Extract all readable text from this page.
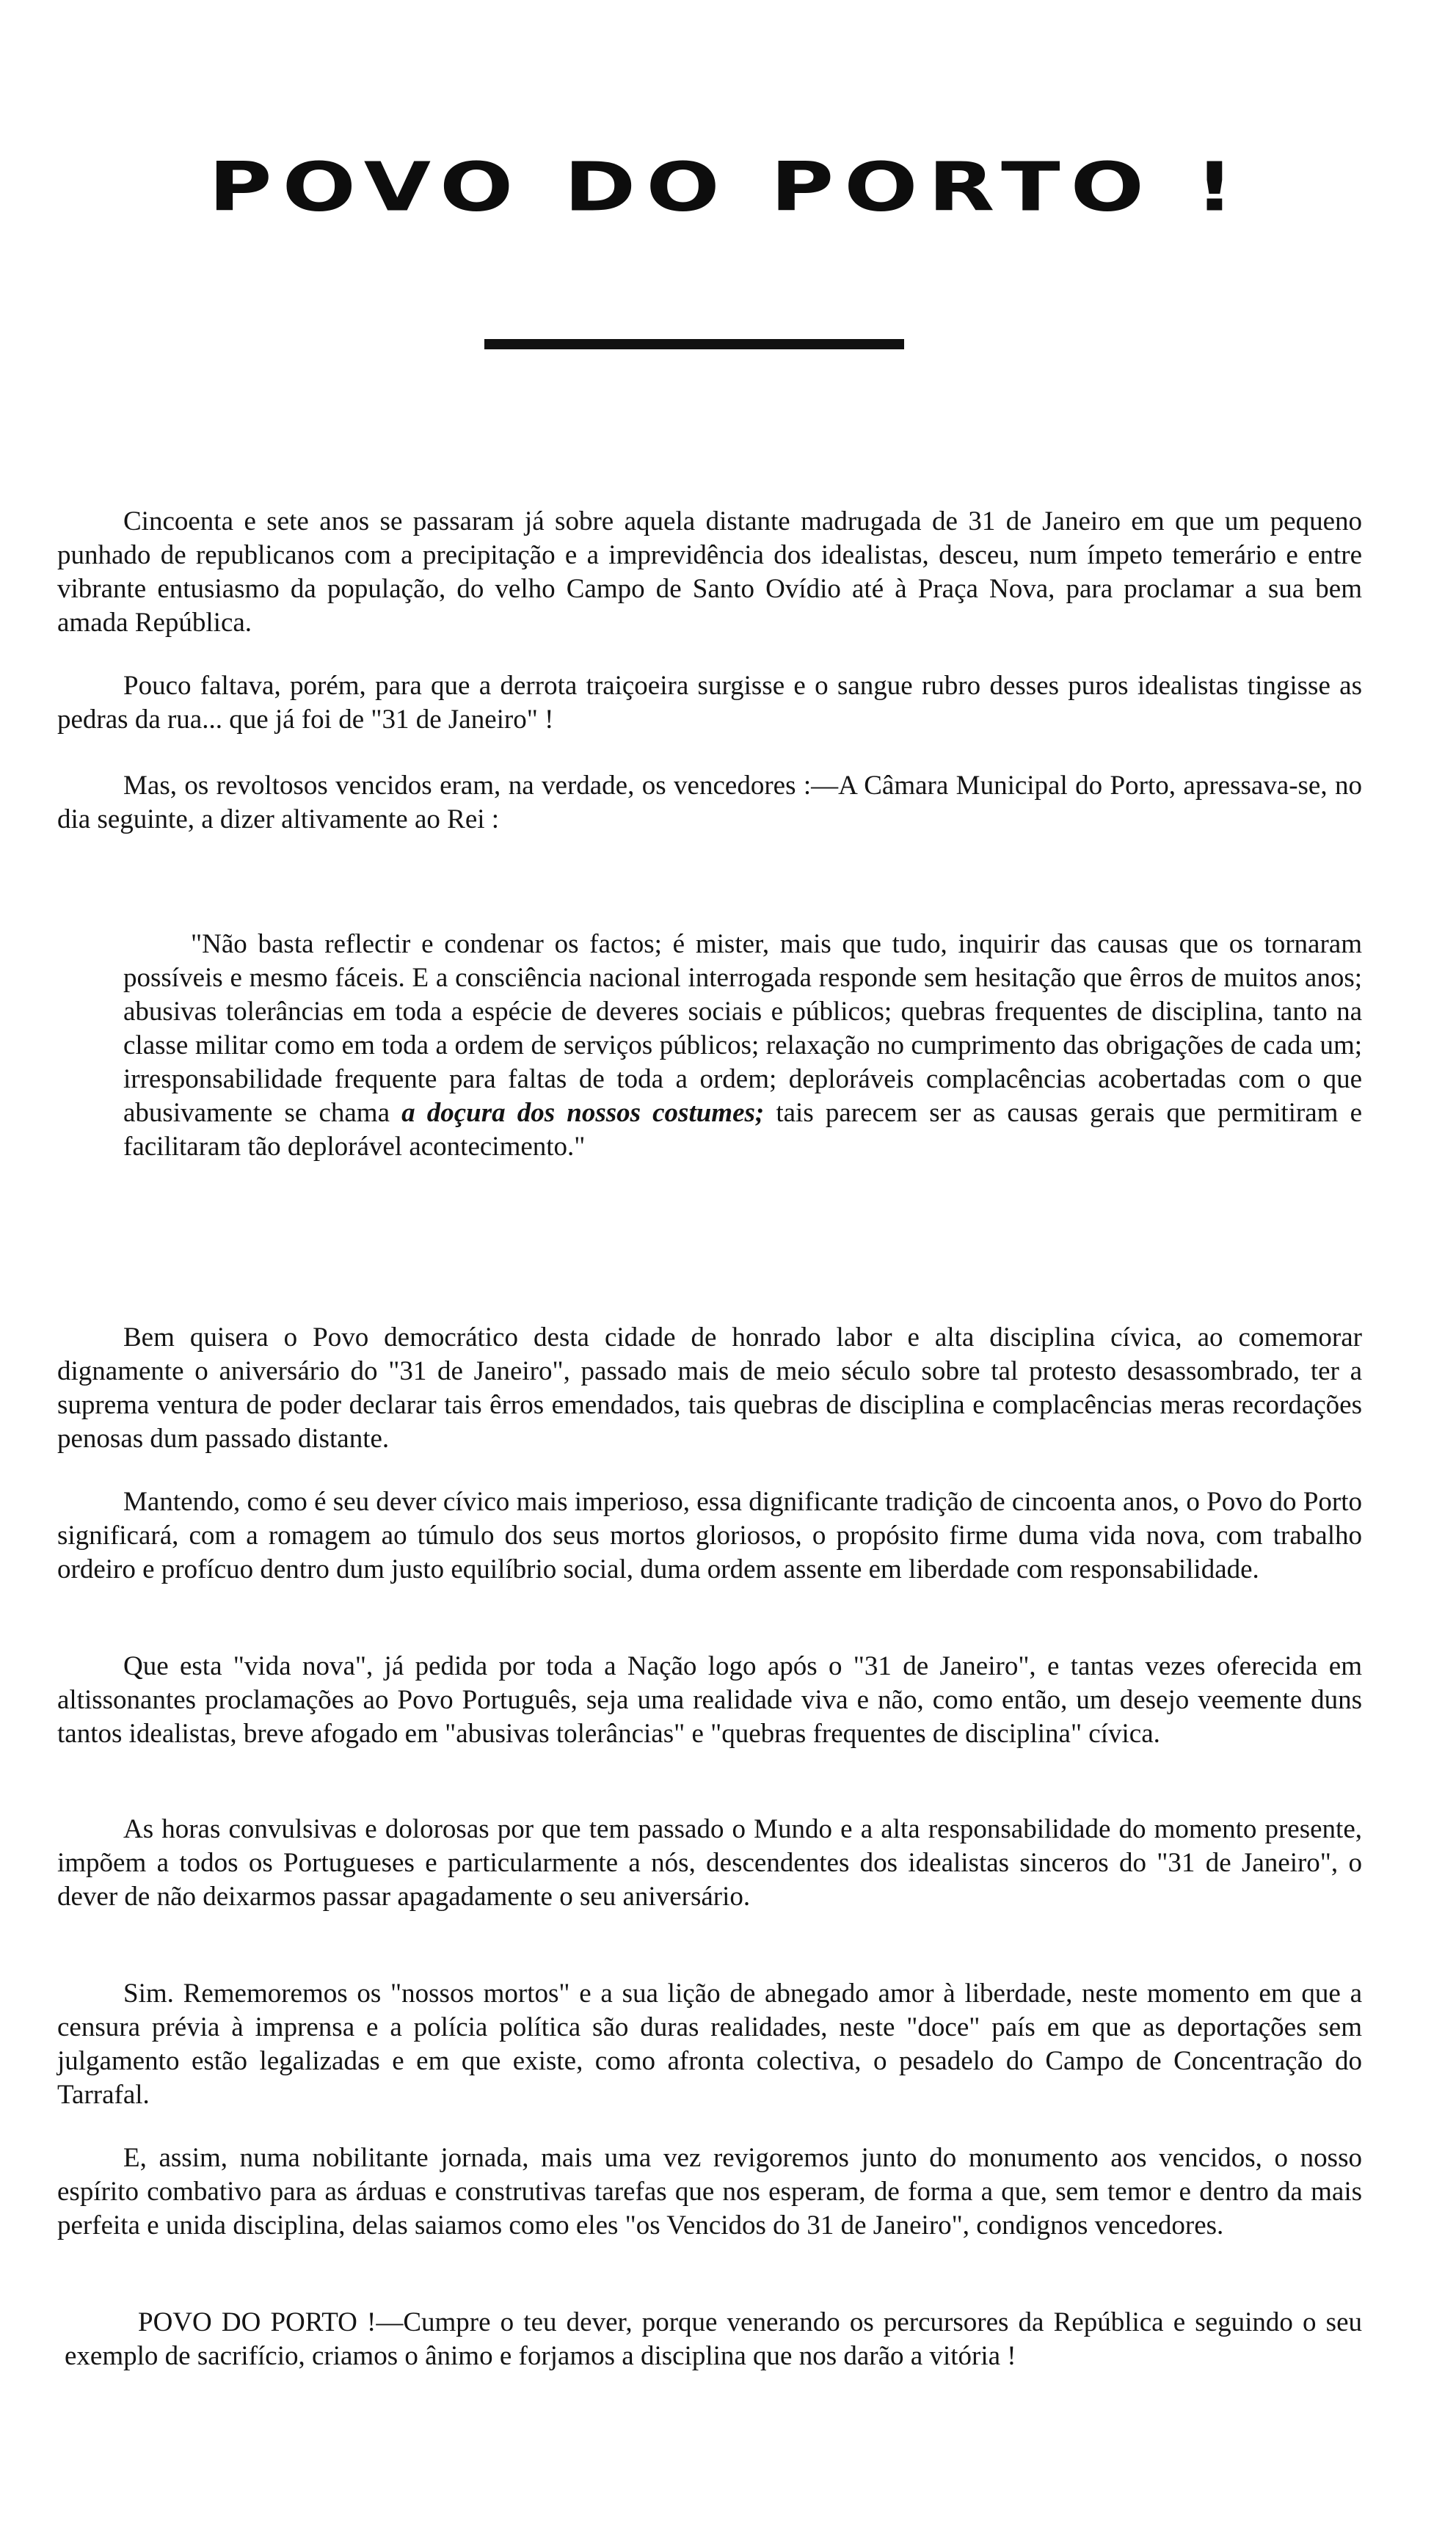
POVO DO PORTO !

Cincoenta e sete anos se passaram já sobre aquela distante madrugada de 31 de Janeiro em que um pequeno punhado de republicanos com a precipitação e a imprevidência dos idealistas, desceu, num ímpeto temerário e entre vibrante entusiasmo da população, do velho Campo de Santo Ovídio até à Praça Nova, para proclamar a sua bem amada República.

Pouco faltava, porém, para que a derrota traiçoeira surgisse e o sangue rubro desses puros idealistas tingisse as pedras da rua... que já foi de "31 de Janeiro" !

Mas, os revoltosos vencidos eram, na verdade, os vencedores :—A Câmara Municipal do Porto, apressava-se, no dia seguinte, a dizer altivamente ao Rei :

"Não basta reflectir e condenar os factos; é mister, mais que tudo, inquirir das causas que os tornaram possíveis e mesmo fáceis. E a consciência nacional interrogada responde sem hesitação que êrros de muitos anos; abusivas tolerâncias em toda a espécie de deveres sociais e públicos; quebras frequentes de disciplina, tanto na classe militar como em toda a ordem de serviços públicos; relaxação no cumprimento das obrigações de cada um; irresponsabilidade frequente para faltas de toda a ordem; deploráveis complacências acobertadas com o que abusivamente se chama a doçura dos nossos costumes; tais parecem ser as causas gerais que permitiram e facilitaram tão deplorável acontecimento."

Bem quisera o Povo democrático desta cidade de honrado labor e alta disciplina cívica, ao comemorar dignamente o aniversário do "31 de Janeiro", passado mais de meio século sobre tal protesto desassombrado, ter a suprema ventura de poder declarar tais êrros emendados, tais quebras de disciplina e complacências meras recordações penosas dum passado distante.

Mantendo, como é seu dever cívico mais imperioso, essa dignificante tradição de cincoenta anos, o Povo do Porto significará, com a romagem ao túmulo dos seus mortos gloriosos, o propósito firme duma vida nova, com trabalho ordeiro e profícuo dentro dum justo equilíbrio social, duma ordem assente em liberdade com responsabilidade.

Que esta "vida nova", já pedida por toda a Nação logo após o "31 de Janeiro", e tantas vezes oferecida em altissonantes proclamações ao Povo Português, seja uma realidade viva e não, como então, um desejo veemente duns tantos idealistas, breve afogado em "abusivas tolerâncias" e "quebras frequentes de disciplina" cívica.

As horas convulsivas e dolorosas por que tem passado o Mundo e a alta responsabilidade do momento presente, impõem a todos os Portugueses e particularmente a nós, descendentes dos idealistas sinceros do "31 de Janeiro", o dever de não deixarmos passar apagadamente o seu aniversário.

Sim. Rememoremos os "nossos mortos" e a sua lição de abnegado amor à liberdade, neste momento em que a censura prévia à imprensa e a polícia política são duras realidades, neste "doce" país em que as deportações sem julgamento estão legalizadas e em que existe, como afronta colectiva, o pesadelo do Campo de Concentração do Tarrafal.

E, assim, numa nobilitante jornada, mais uma vez revigoremos junto do monumento aos vencidos, o nosso espírito combativo para as árduas e construtivas tarefas que nos esperam, de forma a que, sem temor e dentro da mais perfeita e unida disciplina, delas saiamos como eles "os Vencidos do 31 de Janeiro", condignos vencedores.

POVO DO PORTO !—Cumpre o teu dever, porque venerando os percursores da República e seguindo o seu exemplo de sacrifício, criamos o ânimo e forjamos a disciplina que nos darão a vitória !
